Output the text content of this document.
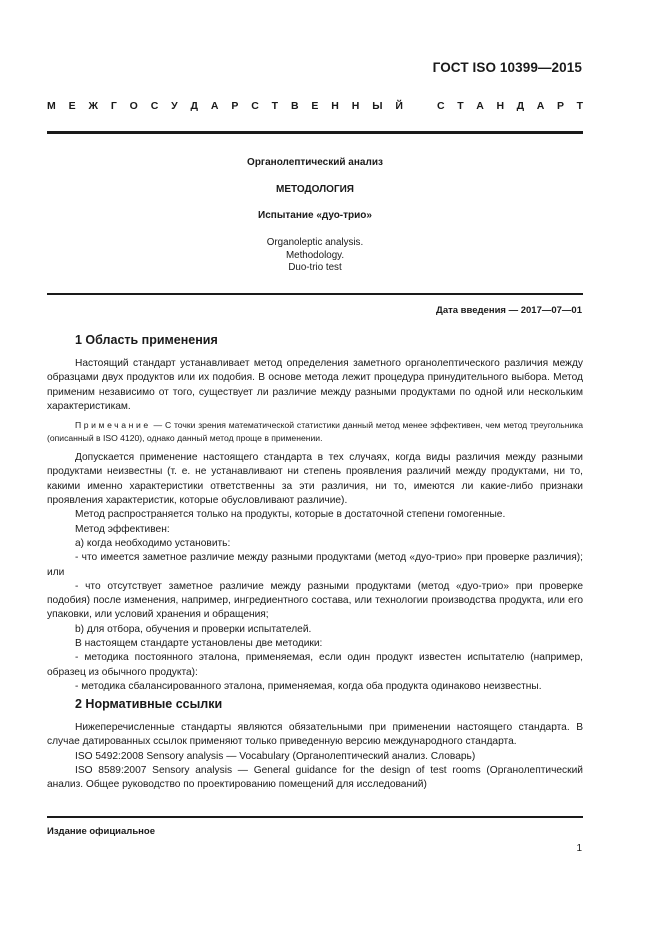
ГОСТ ISO 10399—2015
М Е Ж Г О С У Д А Р С Т В Е Н Н Ы Й	С Т А Н Д А Р Т
Органолептический анализ
МЕТОДОЛОГИЯ
Испытание «дуо-трио»
Organoleptic analysis.
Methodology.
Duo-trio test
Дата введения — 2017—07—01
1 Область применения

Настоящий стандарт устанавливает метод определения заметного органолептического различия между образцами двух продуктов или их подобия. В основе метода лежит процедура принудительного выбора. Метод применим независимо от того, существует ли различие между разными продуктами по одной или нескольким характеристикам.

Примечание — С точки зрения математической статистики данный метод менее эффективен, чем метод треугольника (описанный в ISO 4120), однако данный метод проще в применении.

Допускается применение настоящего стандарта в тех случаях, когда виды различия между разными продуктами неизвестны (т. е. не устанавливают ни степень проявления различий между продуктами, ни то, какими именно характеристики ответственны за эти различия, ни то, имеются ли какие-либо признаки проявления характеристик, которые обусловливают различие).

Метод распространяется только на продукты, которые в достаточной степени гомогенные.

Метод эффективен:

а) когда необходимо установить:

- что имеется заметное различие между разными продуктами (метод «дуо-трио» при проверке различия); или

- что отсутствует заметное различие между разными продуктами (метод «дуо-трио» при проверке подобия) после изменения, например, ингредиентного состава, или технологии производства продукта, или его упаковки, или условий хранения и обращения;

b) для отбора, обучения и проверки испытателей.

В настоящем стандарте установлены две методики:

- методика постоянного эталона, применяемая, если один продукт известен испытателю (например, образец из обычного продукта):

- методика сбалансированного эталона, применяемая, когда оба продукта одинаково неизвестны.

2 Нормативные ссылки

Нижеперечисленные стандарты являются обязательными при применении настоящего стандарта. В случае датированных ссылок применяют только приведенную версию международного стандарта.

ISO 5492:2008 Sensory analysis — Vocabulary (Органолептический анализ. Словарь)

ISO 8589:2007 Sensory analysis — General guidance for the design of test rooms (Органолептический анализ. Общее руководство по проектированию помещений для исследований)

Издание официальное
1
